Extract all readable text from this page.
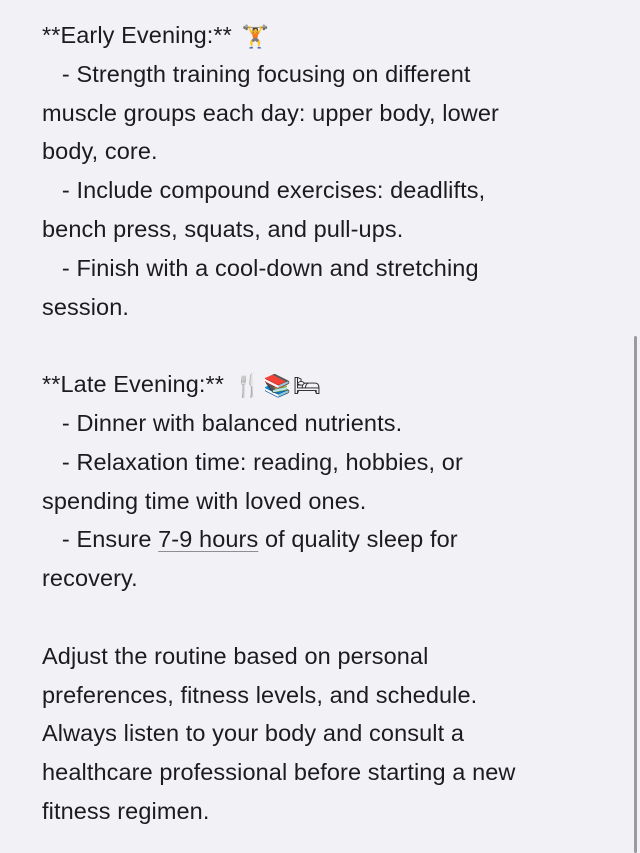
**Early Evening:** 🏋
- Strength training focusing on different
muscle groups each day: upper body, lower
body, core.
- Include compound exercises: deadlifts,
bench press, squats, and pull-ups.
- Finish with a cool-down and stretching
session.
**Late Evening:** 🍴📚🛏
- Dinner with balanced nutrients.
- Relaxation time: reading, hobbies, or
spending time with loved ones.
- Ensure 7-9 hours of quality sleep for
recovery.
Adjust the routine based on personal
preferences, fitness levels, and schedule.
Always listen to your body and consult a
healthcare professional before starting a new
fitness regimen.
